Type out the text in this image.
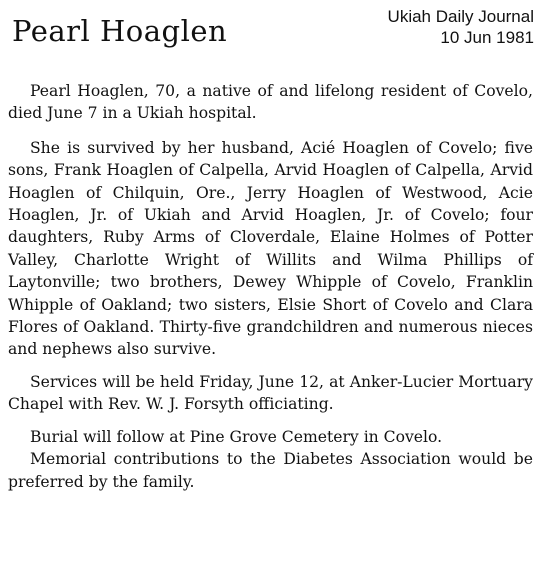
Pearl Hoaglen	Ukiah Daily Journal
10 Jun 1981

Pearl Hoaglen, 70, a native of and lifelong resident of Covelo, died June 7 in a Ukiah hospital.

She is survived by her husband, Acié Hoaglen of Covelo; five sons, Frank Hoaglen of Calpella, Arvid Hoaglen of Calpella, Arvid Hoaglen of Chilquin, Ore., Jerry Hoaglen of Westwood, Acie Hoaglen, Jr. of Ukiah and Arvid Hoaglen, Jr. of Covelo; four daughters, Ruby Arms of Cloverdale, Elaine Holmes of Potter Valley, Charlotte Wright of Willits and Wilma Phillips of Laytonville; two brothers, Dewey Whipple of Covelo, Franklin Whipple of Oakland; two sisters, Elsie Short of Covelo and Clara Flores of Oakland. Thirty-five grandchildren and numerous nieces and nephews also survive.

Services will be held Friday, June 12, at Anker-Lucier Mortuary Chapel with Rev. W. J. Forsyth officiating.

Burial will follow at Pine Grove Cemetery in Covelo.

Memorial contributions to the Diabetes Association would be preferred by the family.
